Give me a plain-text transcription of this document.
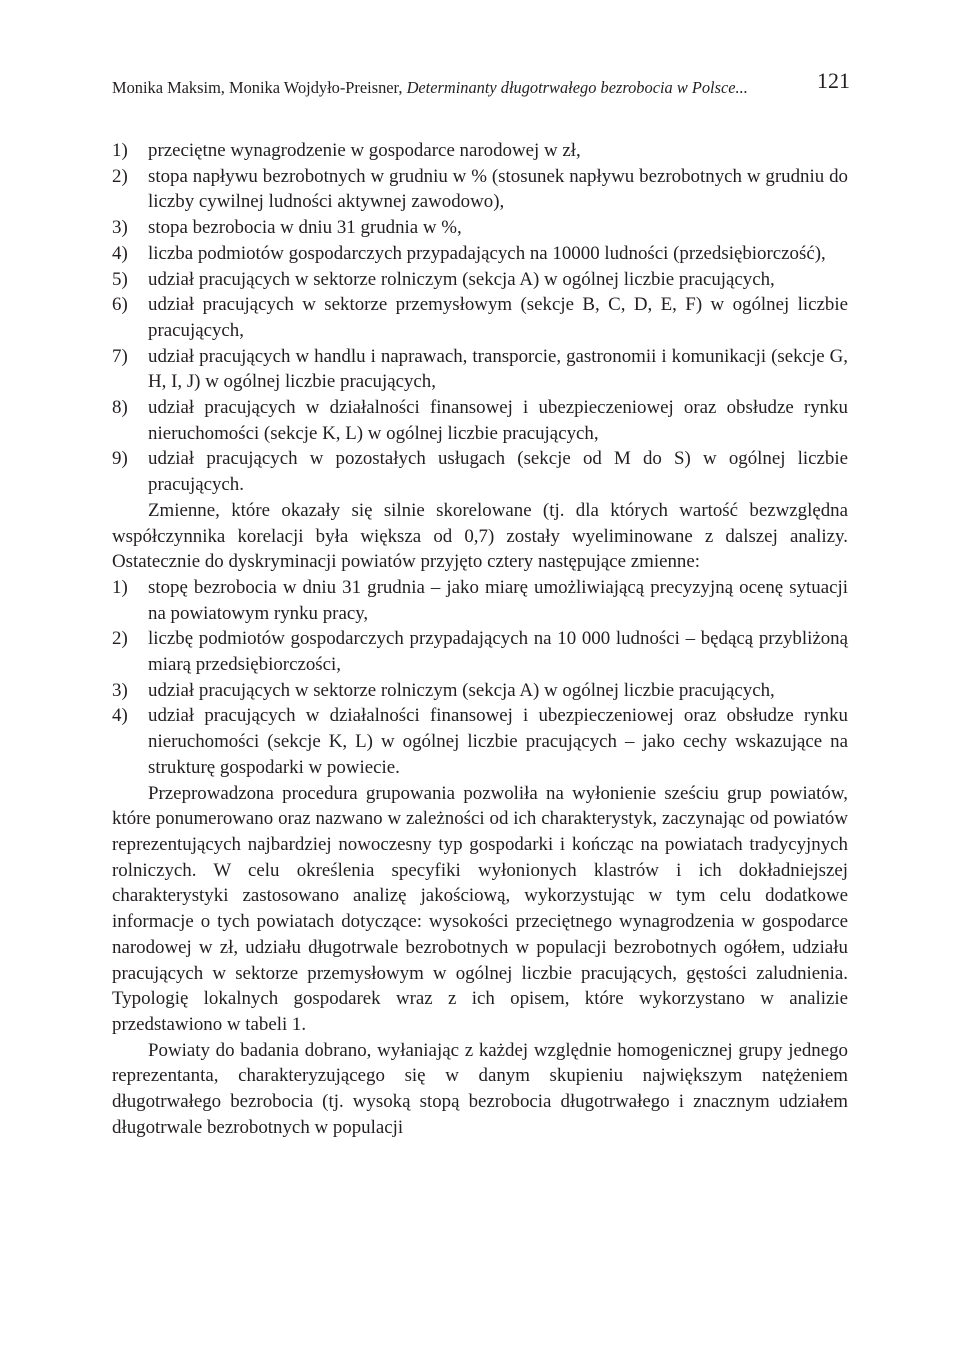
Monika Maksim, Monika Wojdyło-Preisner, Determinanty długotrwałego bezrobocia w Polsce...	121
1) przeciętne wynagrodzenie w gospodarce narodowej w zł,
2) stopa napływu bezrobotnych w grudniu w % (stosunek napływu bezrobotnych w grudniu do liczby cywilnej ludności aktywnej zawodowo),
3) stopa bezrobocia w dniu 31 grudnia w %,
4) liczba podmiotów gospodarczych przypadających na 10000 ludności (przedsiębiorczość),
5) udział pracujących w sektorze rolniczym (sekcja A) w ogólnej liczbie pracujących,
6) udział pracujących w sektorze przemysłowym (sekcje B, C, D, E, F) w ogólnej liczbie pracujących,
7) udział pracujących w handlu i naprawach, transporcie, gastronomii i komunikacji (sekcje G, H, I, J) w ogólnej liczbie pracujących,
8) udział pracujących w działalności finansowej i ubezpieczeniowej oraz obsłudze rynku nieruchomości (sekcje K, L) w ogólnej liczbie pracujących,
9) udział pracujących w pozostałych usługach (sekcje od M do S) w ogólnej liczbie pracujących.

Zmienne, które okazały się silnie skorelowane (tj. dla których wartość bezwzględna współczynnika korelacji była większa od 0,7) zostały wyeliminowane z dalszej analizy. Ostatecznie do dyskryminacji powiatów przyjęto cztery następujące zmienne:

1) stopę bezrobocia w dniu 31 grudnia – jako miarę umożliwiającą precyzyjną ocenę sytuacji na powiatowym rynku pracy,
2) liczbę podmiotów gospodarczych przypadających na 10 000 ludności – będącą przybliżoną miarą przedsiębiorczości,
3) udział pracujących w sektorze rolniczym (sekcja A) w ogólnej liczbie pracujących,
4) udział pracujących w działalności finansowej i ubezpieczeniowej oraz obsłudze rynku nieruchomości (sekcje K, L) w ogólnej liczbie pracujących – jako cechy wskazujące na strukturę gospodarki w powiecie.

Przeprowadzona procedura grupowania pozwoliła na wyłonienie sześciu grup powiatów, które ponumerowano oraz nazwano w zależności od ich charakterystyk, zaczynając od powiatów reprezentujących najbardziej nowoczesny typ gospodarki i kończąc na powiatach tradycyjnych rolniczych. W celu określenia specyfiki wyłonionych klastrów i ich dokładniejszej charakterystyki zastosowano analizę jakościową, wykorzystując w tym celu dodatkowe informacje o tych powiatach dotyczące: wysokości przeciętnego wynagrodzenia w gospodarce narodowej w zł, udziału długotrwale bezrobotnych w populacji bezrobotnych ogółem, udziału pracujących w sektorze przemysłowym w ogólnej liczbie pracujących, gęstości zaludnienia. Typologię lokalnych gospodarek wraz z ich opisem, które wykorzystano w analizie przedstawiono w tabeli 1.

Powiaty do badania dobrano, wyłaniając z każdej względnie homogenicznej grupy jednego reprezentanta, charakteryzującego się w danym skupieniu największym natężeniem długotrwałego bezrobocia (tj. wysoką stopą bezrobocia długotrwałego i znacznym udziałem długotrwale bezrobotnych w populacji
